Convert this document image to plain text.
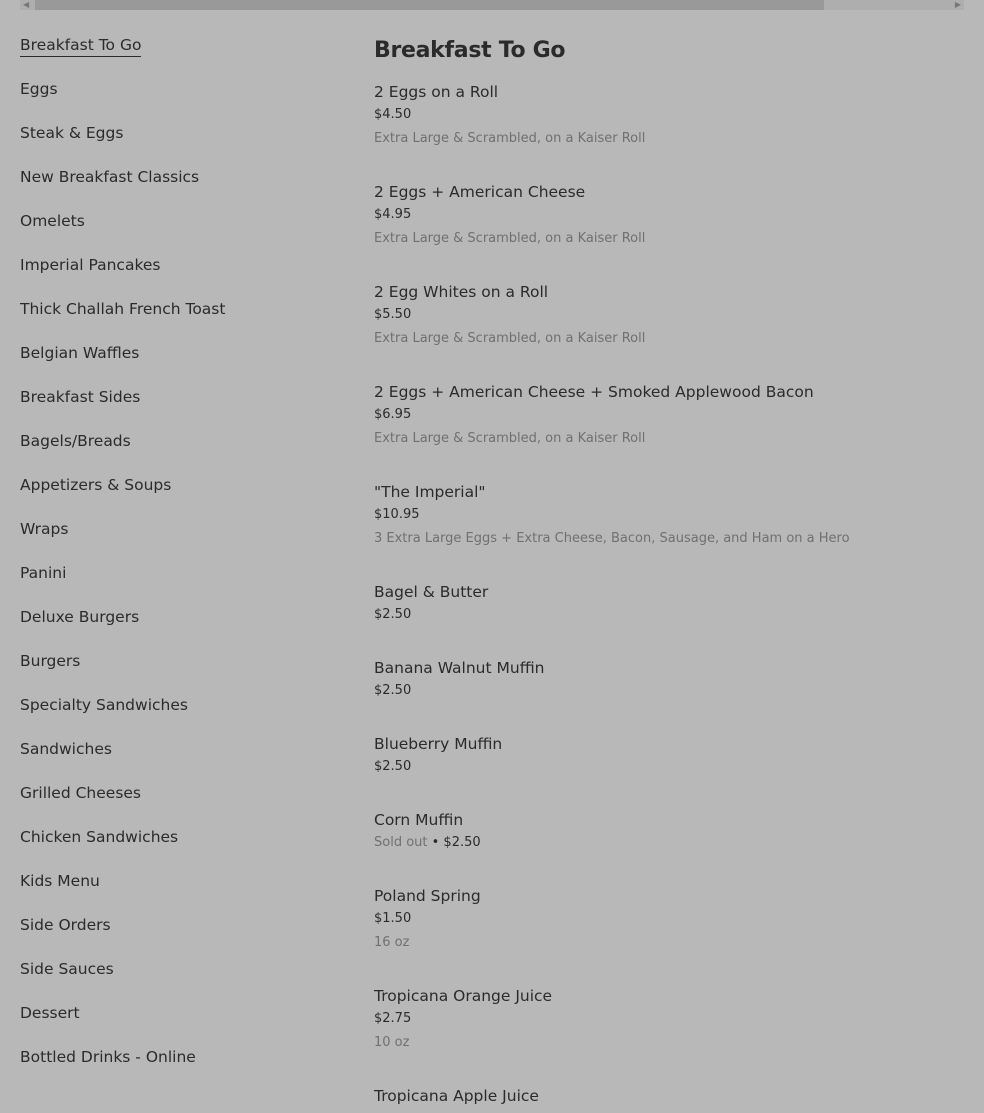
◀	▶
Breakfast To Go
Eggs
Steak & Eggs
New Breakfast Classics
Omelets
Imperial Pancakes
Thick Challah French Toast
Belgian Waffles
Breakfast Sides
Bagels/Breads
Appetizers & Soups
Wraps
Panini
Deluxe Burgers
Burgers
Specialty Sandwiches
Sandwiches
Grilled Cheeses
Chicken Sandwiches
Kids Menu
Side Orders
Side Sauces
Dessert
Bottled Drinks - Online
Breakfast To Go
2 Eggs on a Roll
$4.50
Extra Large & Scrambled, on a Kaiser Roll
2 Eggs + American Cheese
$4.95
Extra Large & Scrambled, on a Kaiser Roll
2 Egg Whites on a Roll
$5.50
Extra Large & Scrambled, on a Kaiser Roll
2 Eggs + American Cheese + Smoked Applewood Bacon
$6.95
Extra Large & Scrambled, on a Kaiser Roll
"The Imperial"
$10.95
3 Extra Large Eggs + Extra Cheese, Bacon, Sausage, and Ham on a Hero
Bagel & Butter
$2.50
Banana Walnut Muffin
$2.50
Blueberry Muffin
$2.50
Corn Muffin
Sold out • $2.50
Poland Spring
$1.50
16 oz
Tropicana Orange Juice
$2.75
10 oz
Tropicana Apple Juice
